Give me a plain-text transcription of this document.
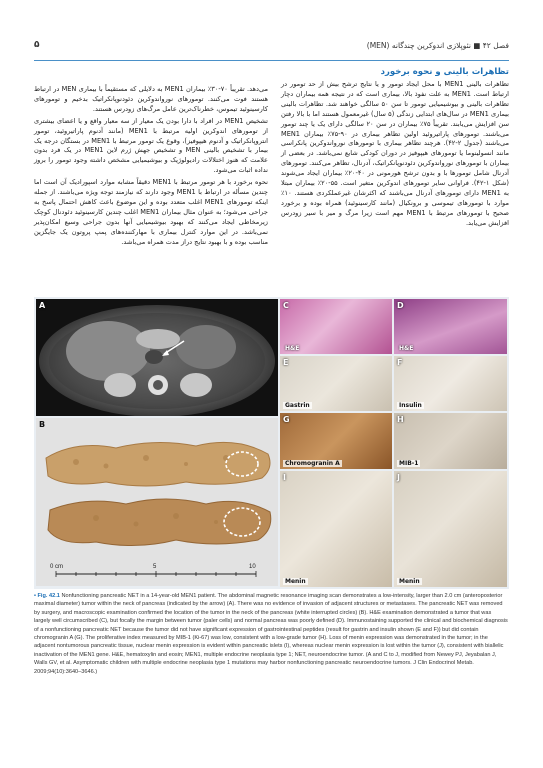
۵	فصل ۴۲ ■ نئوپلازی اندوکرین چندگانه (MEN)
تظاهرات بالینی و نحوه برخورد

تظاهرات بالینی MEN1 با محل ایجاد تومور و یا نتایج ترشح بیش از حد تومور در ارتباط است. MEN1 به علت نفوذ بالا، بیماری است که در نتیجه همه بیماران دچار تظاهرات بالینی و بیوشیمیایی تومور تا سن ۵۰ سالگی خواهند شد. تظاهرات بالینی بیماری MEN1 در سال‌های ابتدایی زندگی (۵ سال) غیرمعمول هستند اما با بالا رفتن سن افزایش می‌یابند. تقریباً ۷۵٪ بیماران در سن ۲۰ سالگی دارای یک یا چند تومور می‌باشند. تومورهای پاراتیروئید اولین تظاهر بیماری در ۹۰-۷۵٪ بیماران MEN1 می‌باشند (جدول ۲-۴۲). هرچند تظاهر بیماری با تومورهای نورواندوکرین پانکراسی مانند انسولینوما یا تومورهای هیپوفیز در دوران کودکی شایع نمی‌باشد. در بعضی از بیماران با تومورهای نورواندوکرین دئودنوپانکراتیک، آدرنال، تظاهر می‌کنند. تومورهای آدرنال شامل تومورها با و بدون ترشح هورمونی در ۴۰-۲۰٪ بیماران ایجاد می‌شوند (شکل ۱-۴۲). فراوانی سایر تومورهای اندوکرین متغیر است. ۵۵-۲۰٪ بیماران مبتلا به MEN1 دارای تومورهای آدرنال می‌باشند که اکثرشان غیرعملکردی هستند. ۱۰٪ موارد با تومورهای تیموسی و برونکیال (مانند کارسینوئید) همراه بوده و برخورد صحیح با تومورهای مرتبط با MEN1 مهم است زیرا مرگ و میر با سیر زودرس افزایش می‌یابد.

می‌دهد. تقریباً ۷۰-۳۰٪ بیماران MEN1 به دلایلی که مستقیماً با بیماری MEN در ارتباط هستند فوت می‌کنند. تومورهای نورواندوکرین دئودنوپانکراتیک بدخیم و تومورهای کارسینوئید تیموس، خطرناک‌ترین عامل مرگ‌های زودرس هستند.

تشخیص MEN1 در افراد با دارا بودن یک معیار از سه معیار واقع و یا اعضای بیشتری از تومورهای اندوکرین اولیه مرتبط با MEN1 (مانند آدنوم پاراتیروئید، تومور انتروپانکراتیک و آدنوم هیپوفیز)، وقوع یک تومور مرتبط با MEN1 در بستگان درجه یک بیمار با تشخیص بالینی MEN و تشخیص جهش ژرم لاین MEN1 در یک فرد بدون علامت که هنوز اختلالات رادیولوژیک و بیوشیمیایی مشخص داشته وجود تومور را بروز نداده اثبات می‌شود.

نحوه برخورد با هر تومور مرتبط با MEN1 دقیقاً مشابه موارد اسپورادیک آن است اما چندین مسأله در ارتباط با MEN1 وجود دارند که نیازمند توجه ویژه می‌باشند. از جمله اینکه تومورهای MEN1 اغلب متعدد بوده و این موضوع باعث کاهش احتمال پاسخ به جراحی می‌شود؛ به عنوان مثال بیماران MEN1 اغلب چندین کارسینوئید دئودنال کوچک زیرمخاطی ایجاد می‌کنند که بهبود بیوشیمیایی آنها بدون جراحی وسیع امکان‌پذیر نمی‌باشد. در این موارد کنترل بیماری با مهارکننده‌های پمپ پروتون یک جایگزین مناسب بوده و با بهبود نتایج دراز مدت همراه می‌باشد.

A
0 cm	5	10
B
C
H&E
D
H&E
E
Gastrin
F
Insulin
G
Chromogranin A
H
MIB-1
I
Menin
J
Menin
• Fig. 42.1 Nonfunctioning pancreatic NET in a 14-year-old MEN1 patient. The abdominal magnetic resonance imaging scan demonstrates a low-intensity, larger than 2.0 cm (anteroposterior maximal diameter) tumor within the neck of pancreas (indicated by the arrow) (A). There was no evidence of invasion of adjacent structures or metastases. The pancreatic NET was removed by surgery, and macroscopic examination confirmed the location of the tumor in the neck of the pancreas (white interrupted circles) (B). H&E examination demonstrated a tumor that was largely well circumscribed (C), but focally the margin between tumor (paler cells) and normal pancreas was poorly defined (D). Immunostaining supported the clinical and biochemical diagnosis of a nonfunctioning pancreatic NET because the tumor did not have significant expression of gastrointestinal peptides (result for gastrin and insulin shown (E and F)) but did contain chromogranin A (G). The proliferative index measured by MIB-1 (Ki-67) was low, consistent with a low-grade tumor (H). Loss of menin expression was demonstrated in the tumor; in the adjacent nontumorous pancreatic tissue, nuclear menin expression is evident within pancreatic islets (I), whereas nuclear menin expression is lost within the tumor (J), consistent with biallelic inactivation of the MEN1 gene. H&E, hematoxylin and eosin; MEN1, multiple endocrine neoplasia type 1; NET, neuroendocrine tumor. (A and C to J, modified from Newey PJ, Jeyabalan J, Walls GV, et al. Asymptomatic children with multiple endocrine neoplasia type 1 mutations may harbor nonfunctioning pancreatic neuroendocrine tumors. J Clin Endocrinol Metab. 2009;94(10):3640–3646.)
